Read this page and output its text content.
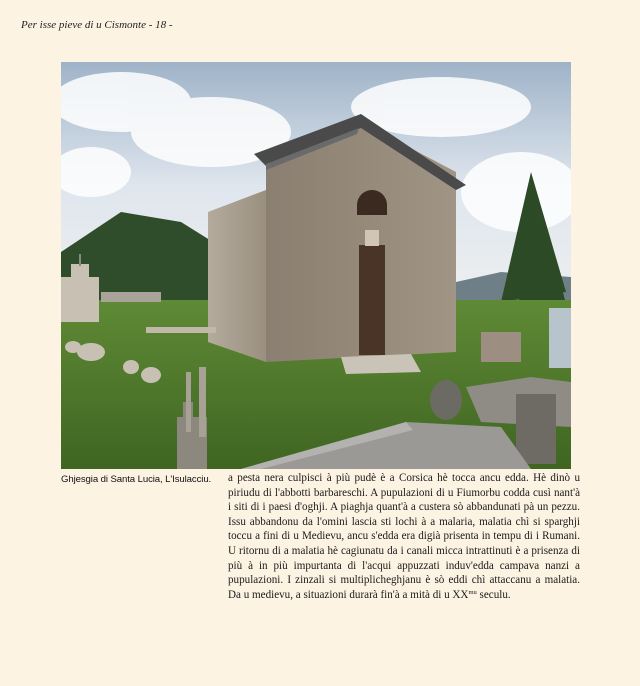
Per isse pieve di u Cismonte - 18 -
Ghjesgia di Santa Lucia, L'Isulacciu.	a pesta nera culpisci à più pudè è a Corsica hè tocca ancu edda. Hè dinò u piriudu di l'abbotti barbareschi. A pupulazioni di u Fiumorbu codda cusì nant'à i siti di i paesi d'oghji. A piaghja quant'à a custera sò abbandunati pà un pezzu. Issu abbandonu da l'omini lascia sti lochi à a malaria, malatia chì si sparghji toccu a fini di u Medievu, ancu s'edda era digià prisenta in tempu di i Rumani. U ritornu di a malatia hè cagiunatu da i canali micca intrattinuti è a prisenza di più à in più impurtanta di l'acqui appuzzati induv'edda campava nanzi a pupulazioni. I zinzali si multiplicheghjanu è sò eddi chì attaccanu a malatia. Da u medievu, a situazioni durarà fin'à a mità di u $XX^{mu}$ seculu.
